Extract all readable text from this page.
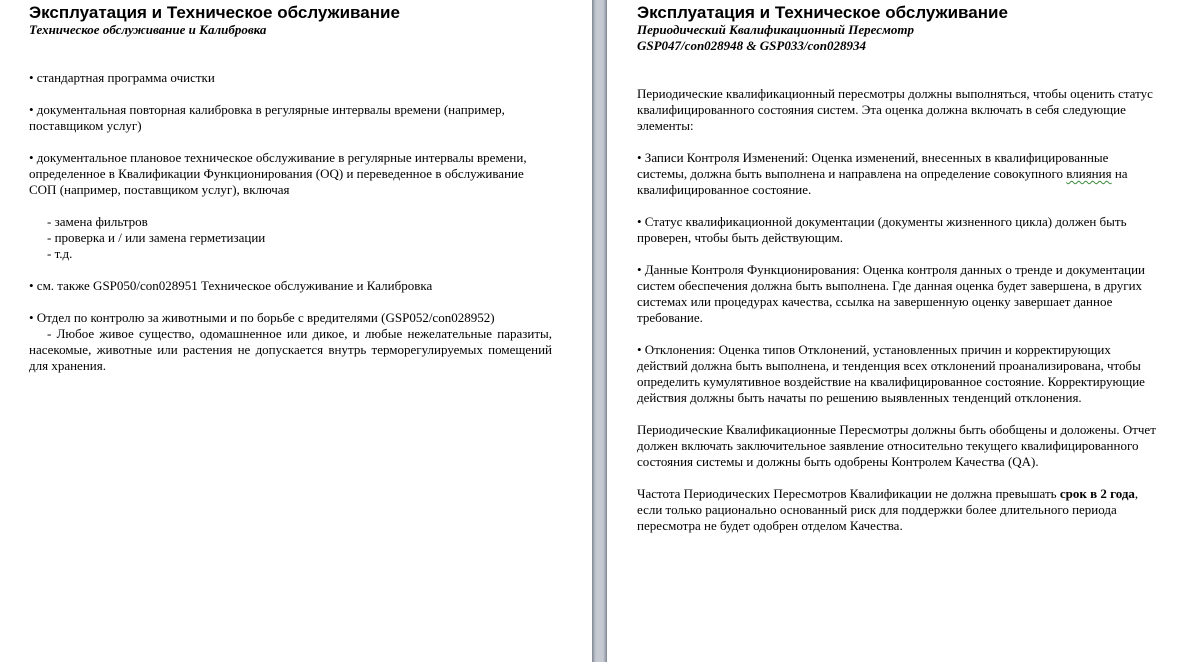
Эксплуатация и Техническое обслуживание
Техническое обслуживание и Калибровка

• стандартная программа очистки

• документальная повторная калибровка в регулярные интервалы времени (например, поставщиком услуг)

• документальное плановое техническое обслуживание в регулярные интервалы времени, определенное в Квалификации Функционирования (OQ) и переведенное в обслуживание СОП (например, поставщиком услуг), включая

- замена фильтров

- проверка и / или замена герметизации

- т.д.

• см. также GSP050/con028951 Техническое обслуживание и Калибровка

• Отдел по контролю за животными и по борьбе с вредителями (GSP052/con028952)

- Любое живое существо, одомашненное или дикое, и любые нежелательные паразиты, насекомые, животные или растения не допускается внутрь терморегулируемых помещений для хранения.

Эксплуатация и Техническое обслуживание
Периодический Квалификационный Пересмотр
GSP047/con028948 & GSP033/con028934

Периодические квалификационный пересмотры должны выполняться, чтобы оценить статус квалифицированного состояния систем. Эта оценка должна включать в себя следующие элементы:

• Записи Контроля Изменений: Оценка изменений, внесенных в квалифицированные системы, должна быть выполнена и направлена на определение совокупного влияния на квалифицированное состояние.

• Статус квалификационной документации (документы жизненного цикла) должен быть проверен, чтобы быть действующим.

• Данные Контроля Функционирования: Оценка контроля данных о тренде и документации систем обеспечения должна быть выполнена. Где данная оценка будет завершена, в других системах или процедурах качества, ссылка на завершенную оценку завершает данное требование.

• Отклонения: Оценка типов Отклонений, установленных причин и корректирующих действий должна быть выполнена, и тенденция всех отклонений проанализирована, чтобы определить кумулятивное воздействие на квалифицированное состояние. Корректирующие действия должны быть начаты по решению выявленных тенденций отклонения.

Периодические Квалификационные Пересмотры должны быть обобщены и доложены. Отчет должен включать заключительное заявление относительно текущего квалифицированного состояния системы и должны быть одобрены Контролем Качества (QA).

Частота Периодических Пересмотров Квалификации не должна превышать срок в 2 года, если только рационально основанный риск для поддержки более длительного периода пересмотра не будет одобрен отделом Качества.
